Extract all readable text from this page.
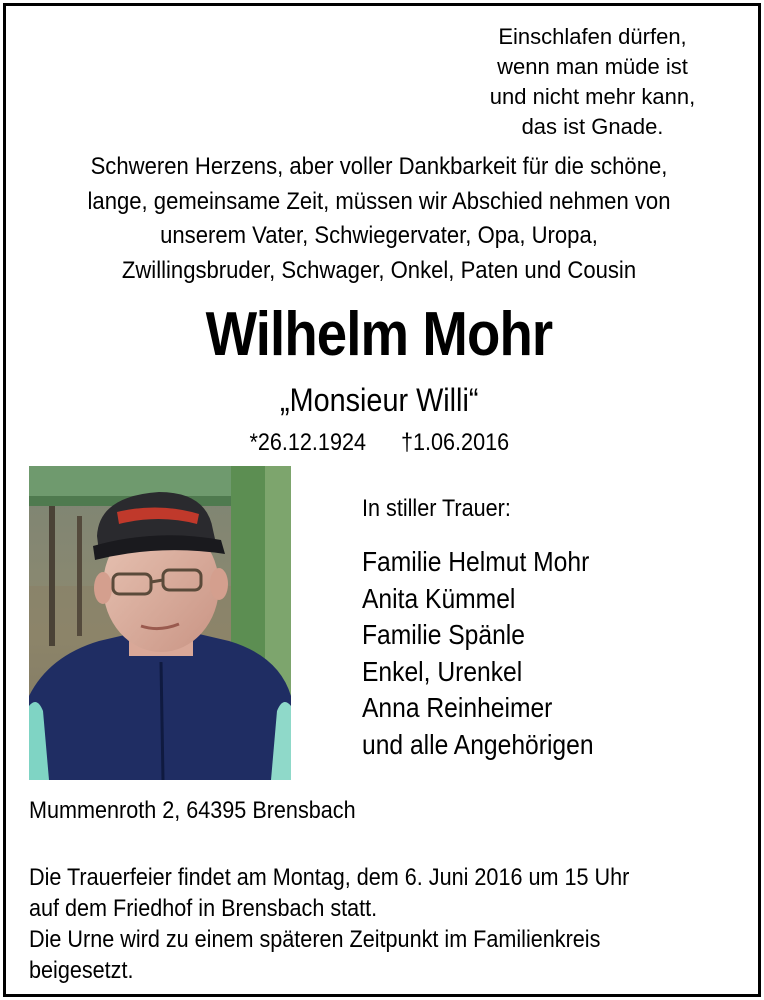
Einschlafen dürfen,
wenn man müde ist
und nicht mehr kann,
das ist Gnade.
Schweren Herzens, aber voller Dankbarkeit für die schöne,
lange, gemeinsame Zeit, müssen wir Abschied nehmen von
unserem Vater, Schwiegervater, Opa, Uropa,
Zwillingsbruder, Schwager, Onkel, Paten und Cousin
Wilhelm Mohr
„Monsieur Willi“
*26.12.1924 †1.06.2016
In stiller Trauer:
Familie Helmut Mohr
Anita Kümmel
Familie Spänle
Enkel, Urenkel
Anna Reinheimer
und alle Angehörigen
Mummenroth 2, 64395 Brensbach

Die Trauerfeier findet am Montag, dem 6. Juni 2016 um 15 Uhr

auf dem Friedhof in Brensbach statt.

Die Urne wird zu einem späteren Zeitpunkt im Familienkreis

beigesetzt.
